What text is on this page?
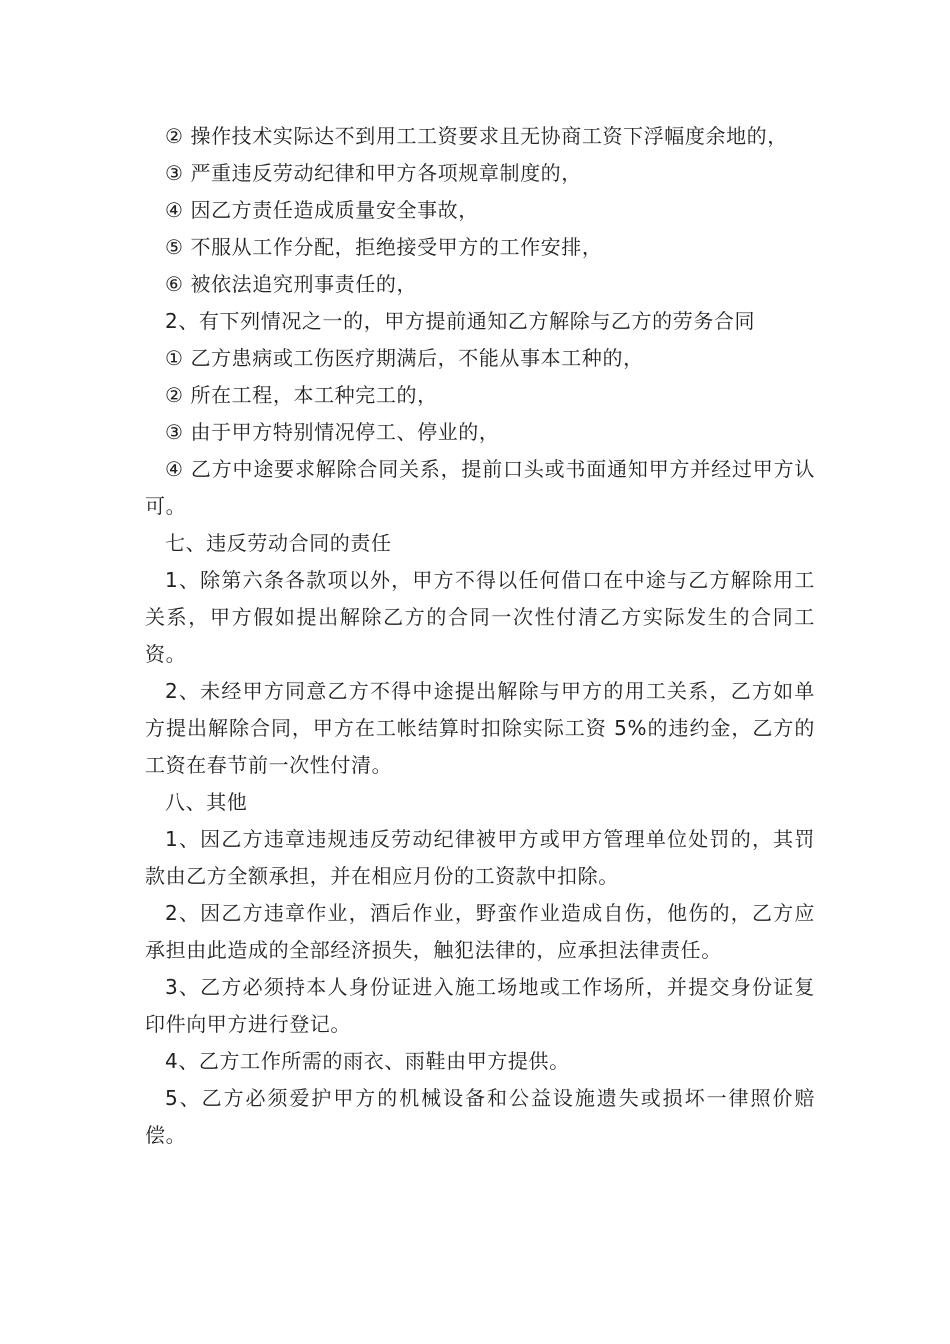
② 操作技术实际达不到用工工资要求且无协商工资下浮幅度余地的，

③ 严重违反劳动纪律和甲方各项规章制度的，

④ 因乙方责任造成质量安全事故，

⑤ 不服从工作分配，拒绝接受甲方的工作安排，

⑥ 被依法追究刑事责任的，

2、有下列情况之一的，甲方提前通知乙方解除与乙方的劳务合同

① 乙方患病或工伤医疗期满后，不能从事本工种的，

② 所在工程，本工种完工的，

③ 由于甲方特别情况停工、停业的，

④ 乙方中途要求解除合同关系，提前口头或书面通知甲方并经过甲方认可。

七、违反劳动合同的责任

1、除第六条各款项以外，甲方不得以任何借口在中途与乙方解除用工关系，甲方假如提出解除乙方的合同一次性付清乙方实际发生的合同工资。

2、未经甲方同意乙方不得中途提出解除与甲方的用工关系，乙方如单方提出解除合同，甲方在工帐结算时扣除实际工资 5%的违约金，乙方的工资在春节前一次性付清。

八、其他

1、因乙方违章违规违反劳动纪律被甲方或甲方管理单位处罚的，其罚款由乙方全额承担，并在相应月份的工资款中扣除。

2、因乙方违章作业，酒后作业，野蛮作业造成自伤，他伤的，乙方应承担由此造成的全部经济损失，触犯法律的，应承担法律责任。

3、乙方必须持本人身份证进入施工场地或工作场所，并提交身份证复印件向甲方进行登记。

4、乙方工作所需的雨衣、雨鞋由甲方提供。

5、乙方必须爱护甲方的机械设备和公益设施遗失或损坏一律照价赔偿。
